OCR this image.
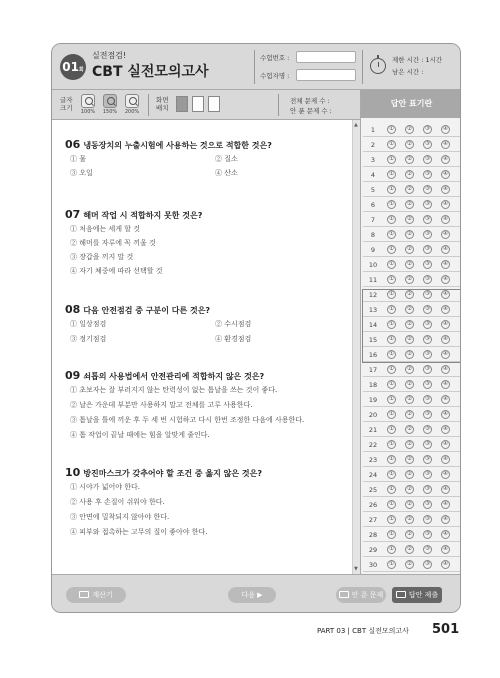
01회
실전점검!
CBT 실전모의고사
수험번호 :
수험자명 :
제한 시간 : 1시간
남은 시간 :
글자
크기	100%	150%	200%
화면
배치
전체 문제 수 :
안 푼 문제 수 :
06 냉동장치의 누출시험에 사용하는 것으로 적합한 것은?
① 물	② 질소
③ 오일	④ 산소
07 해머 작업 시 적합하지 못한 것은?
① 처음에는 세게 할 것
② 해머를 자루에 꼭 끼울 것
③ 장갑을 끼지 말 것
④ 자기 체중에 따라 선택할 것
08 다음 안전점검 중 구분이 다른 것은?
① 일상점검	② 수시점검
③ 정기점검	④ 환경점검
09 쇠톱의 사용법에서 안전관리에 적합하지 않은 것은?
① 초보자는 잘 부러지지 않는 탄력성이 없는 톱날을 쓰는 것이 좋다.
② 날은 가운데 부분만 사용하지 말고 전체를 고루 사용한다.
③ 톱날을 틀에 끼운 후 두 세 번 시험하고 다시 한번 조정한 다음에 사용한다.
④ 톱 작업이 끝날 때에는 힘을 알맞게 줄인다.
10 방진마스크가 갖추어야 할 조건 중 옳지 않은 것은?
① 시야가 넓어야 한다.
② 사용 후 손질이 쉬워야 한다.
③ 안면에 밀착되지 않아야 한다.
④ 피부와 접촉하는 고무의 질이 좋아야 한다.
▲
▼
답안 표기란
1	①	②	③	④
2	①	②	③	④
3	①	②	③	④
4	①	②	③	④
5	①	②	③	④
6	①	②	③	④
7	①	②	③	④
8	①	②	③	④
9	①	②	③	④
10	①	②	③	④
11	①	②	③	④
12	①	②	③	④
13	①	②	③	④
14	①	②	③	④
15	①	②	③	④
16	①	②	③	④
17	①	②	③	④
18	①	②	③	④
19	①	②	③	④
20	①	②	③	④
21	①	②	③	④
22	①	②	③	④
23	①	②	③	④
24	①	②	③	④
25	①	②	③	④
26	①	②	③	④
27	①	②	③	④
28	①	②	③	④
29	①	②	③	④
30	①	②	③	④
계산기	다음 ▶	안 푼 문제	답안 제출
PART 03 | CBT 실전모의고사 501
